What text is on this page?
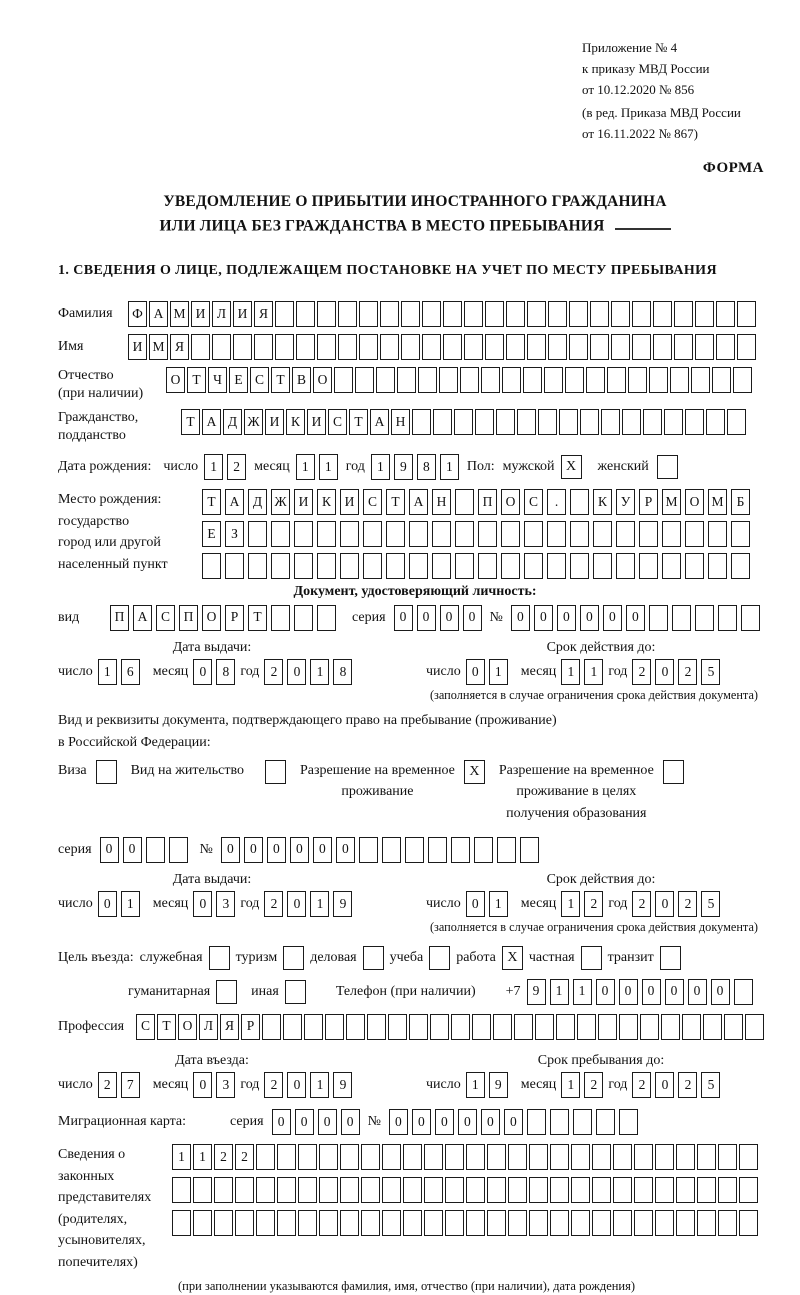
Приложение № 4
к приказу МВД России
от 10.12.2020 № 856
(в ред. Приказа МВД России
от 16.11.2022 № 867)
ФОРМА
УВЕДОМЛЕНИЕ О ПРИБЫТИИ ИНОСТРАННОГО ГРАЖДАНИНА
ИЛИ ЛИЦА БЕЗ ГРАЖДАНСТВА В МЕСТО ПРЕБЫВАНИЯ
1. СВЕДЕНИЯ О ЛИЦЕ, ПОДЛЕЖАЩЕМ ПОСТАНОВКЕ НА УЧЕТ ПО МЕСТУ ПРЕБЫВАНИЯ
Фамилия	Ф А М И Л И Я
Имя	И М Я
Отчество
(при наличии)
О Т Ч Е С Т В О
Гражданство,
подданство
Т А Д Ж И К И С Т А Н
Дата рождения: число 1	2	месяц 1	1	год 1	9	8	1	Пол: мужской X	женский
Место рождения:
государство
город или другой
населенный пункт
Т	А	Д Ж И	К	И	С	Т	А Н	П О	С	.	К	У	Р М О М Б
Е	З
Документ, удостоверяющий личность:
вид	П А	С	П О	Р	Т	серия	0	0	0	0	№	0	0	0	0	0	0
Дата выдачи:
число 1	6	месяц 0	8 год 2	0	1	8
Срок действия до:
число 0	1	месяц 1	1 год 2	0	2	5
(заполняется в случае ограничения срока действия документа)
Вид и реквизиты документа, подтверждающего право на пребывание (проживание)
в Российской Федерации:
Виза	Вид на жительство	Разрешение на временное
проживание
X	Разрешение на временное
проживание в целях
получения образования
серия	0	0	№	0	0	0	0	0	0
Дата выдачи:
число 0	1	месяц 0	3 год 2	0	1	9
Срок действия до:
число 0	1	месяц 1	2 год 2	0	2	5
(заполняется в случае ограничения срока действия документа)
Цель въезда: служебная туризм деловая учеба работа X частная транзит
гуманитарная	иная	Телефон (при наличии) +7 9	1	1	0	0	0	0	0	0
Профессия	С Т О Л Я Р
Дата въезда:
число 2	7	месяц 0	3 год 2	0	1	9
Срок пребывания до:
число 1	9	месяц 1	2 год 2	0	2	5
Миграционная карта:	серия	0	0	0	0	№	0	0	0	0	0	0
Сведения о
законных
представителях
(родителях,
усыновителях,
попечителях)
1	1	2	2
(при заполнении указываются фамилия, имя, отчество (при наличии), дата рождения)
